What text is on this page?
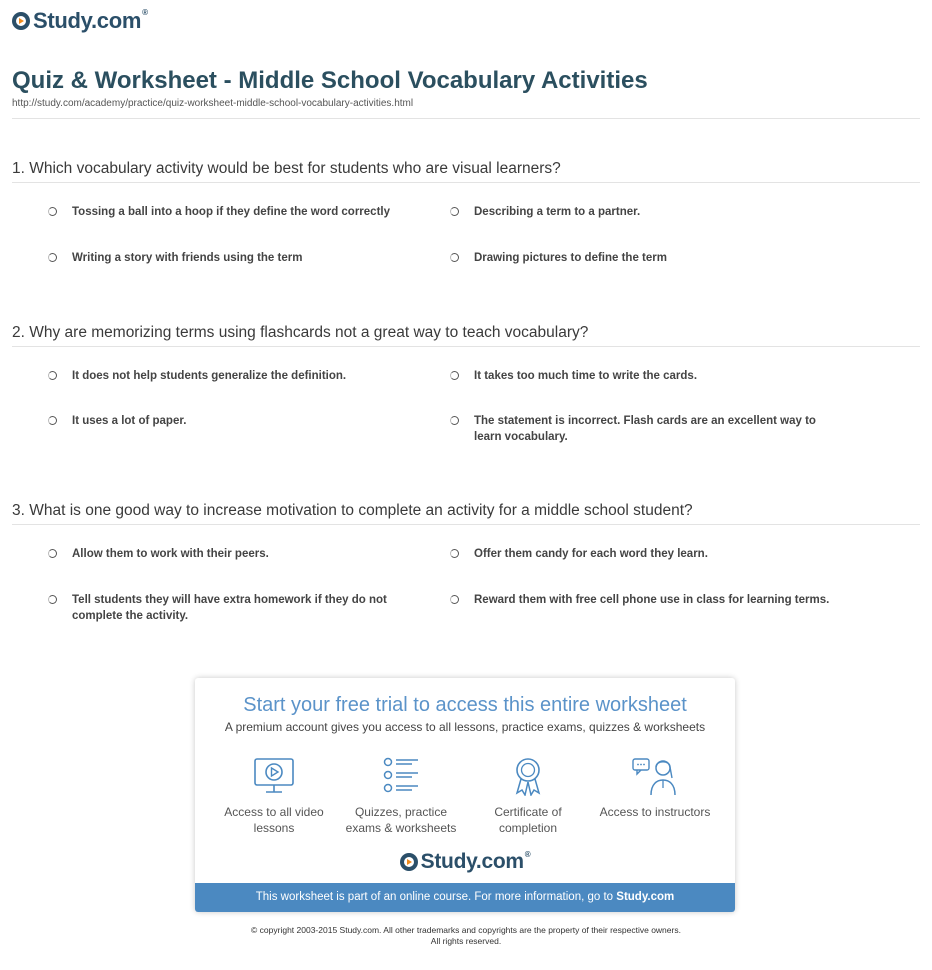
Study.com®
Quiz & Worksheet - Middle School Vocabulary Activities
http://study.com/academy/practice/quiz-worksheet-middle-school-vocabulary-activities.html
1. Which vocabulary activity would be best for students who are visual learners?
Tossing a ball into a hoop if they define the word correctly	Describing a term to a partner.
Writing a story with friends using the term	Drawing pictures to define the term
2. Why are memorizing terms using flashcards not a great way to teach vocabulary?
It does not help students generalize the definition.	It takes too much time to write the cards.
It uses a lot of paper.	The statement is incorrect. Flash cards are an excellent way to learn vocabulary.
3. What is one good way to increase motivation to complete an activity for a middle school student?
Allow them to work with their peers.	Offer them candy for each word they learn.
Tell students they will have extra homework if they do not complete the activity.
Reward them with free cell phone use in class for learning terms.
Start your free trial to access this entire worksheet
A premium account gives you access to all lessons, practice exams, quizzes & worksheets
Access to all video lessons
Quizzes, practice exams & worksheets
Certificate of completion
Access to instructors
Study.com®
This worksheet is part of an online course. For more information, go to Study.com
© copyright 2003-2015 Study.com. All other trademarks and copyrights are the property of their respective owners.
All rights reserved.
